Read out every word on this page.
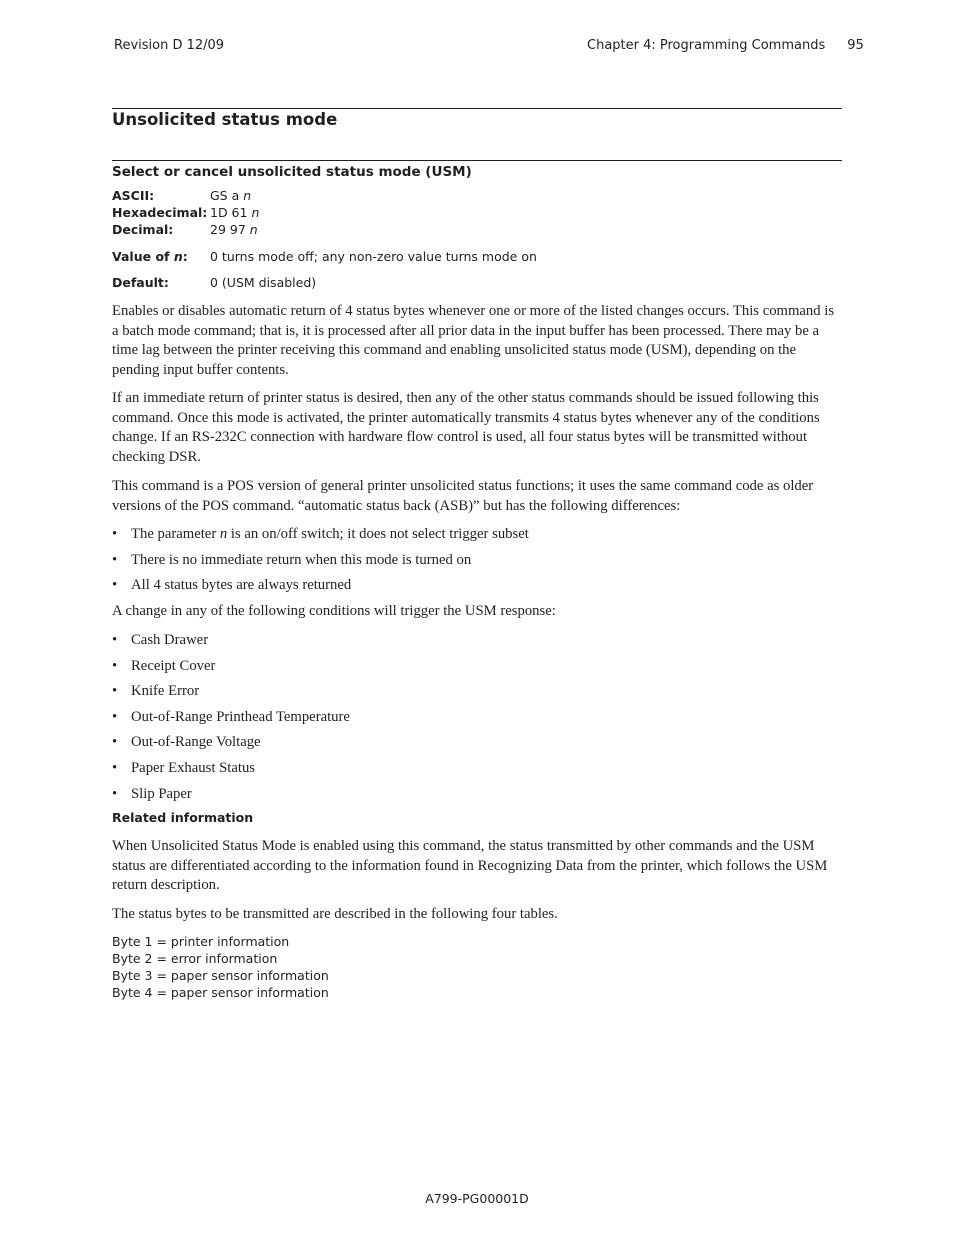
Revision D 12/09	Chapter 4: Programming Commands 95
Unsolicited status mode
Select or cancel unsolicited status mode (USM)
ASCII:	GS a n
Hexadecimal: 1D 61 n
Decimal:	29 97 n
Value of n: 0 turns mode off; any non-zero value turns mode on
Default:	0 (USM disabled)

Enables or disables automatic return of 4 status bytes whenever one or more of the listed changes occurs. This command is a batch mode command; that is, it is processed after all prior data in the input buffer has been processed. There may be a time lag between the printer receiving this command and enabling unsolicited status mode (USM), depending on the pending input buffer contents.

If an immediate return of printer status is desired, then any of the other status commands should be issued following this command. Once this mode is activated, the printer automatically transmits 4 status bytes whenever any of the conditions change. If an RS-232C connection with hardware flow control is used, all four status bytes will be transmitted without checking DSR.

This command is a POS version of general printer unsolicited status functions; it uses the same command code as older versions of the POS command. “automatic status back (ASB)” but has the following differences:

• The parameter n is an on/off switch; it does not select trigger subset
• There is no immediate return when this mode is turned on
• All 4 status bytes are always returned

A change in any of the following conditions will trigger the USM response:

• Cash Drawer
• Receipt Cover
• Knife Error
• Out-of-Range Printhead Temperature
• Out-of-Range Voltage
• Paper Exhaust Status
• Slip Paper
Related information

When Unsolicited Status Mode is enabled using this command, the status transmitted by other commands and the USM status are differentiated according to the information found in Recognizing Data from the printer, which follows the USM return description.

The status bytes to be transmitted are described in the following four tables.

Byte 1 = printer information
Byte 2 = error information
Byte 3 = paper sensor information
Byte 4 = paper sensor information
A799-PG00001D
